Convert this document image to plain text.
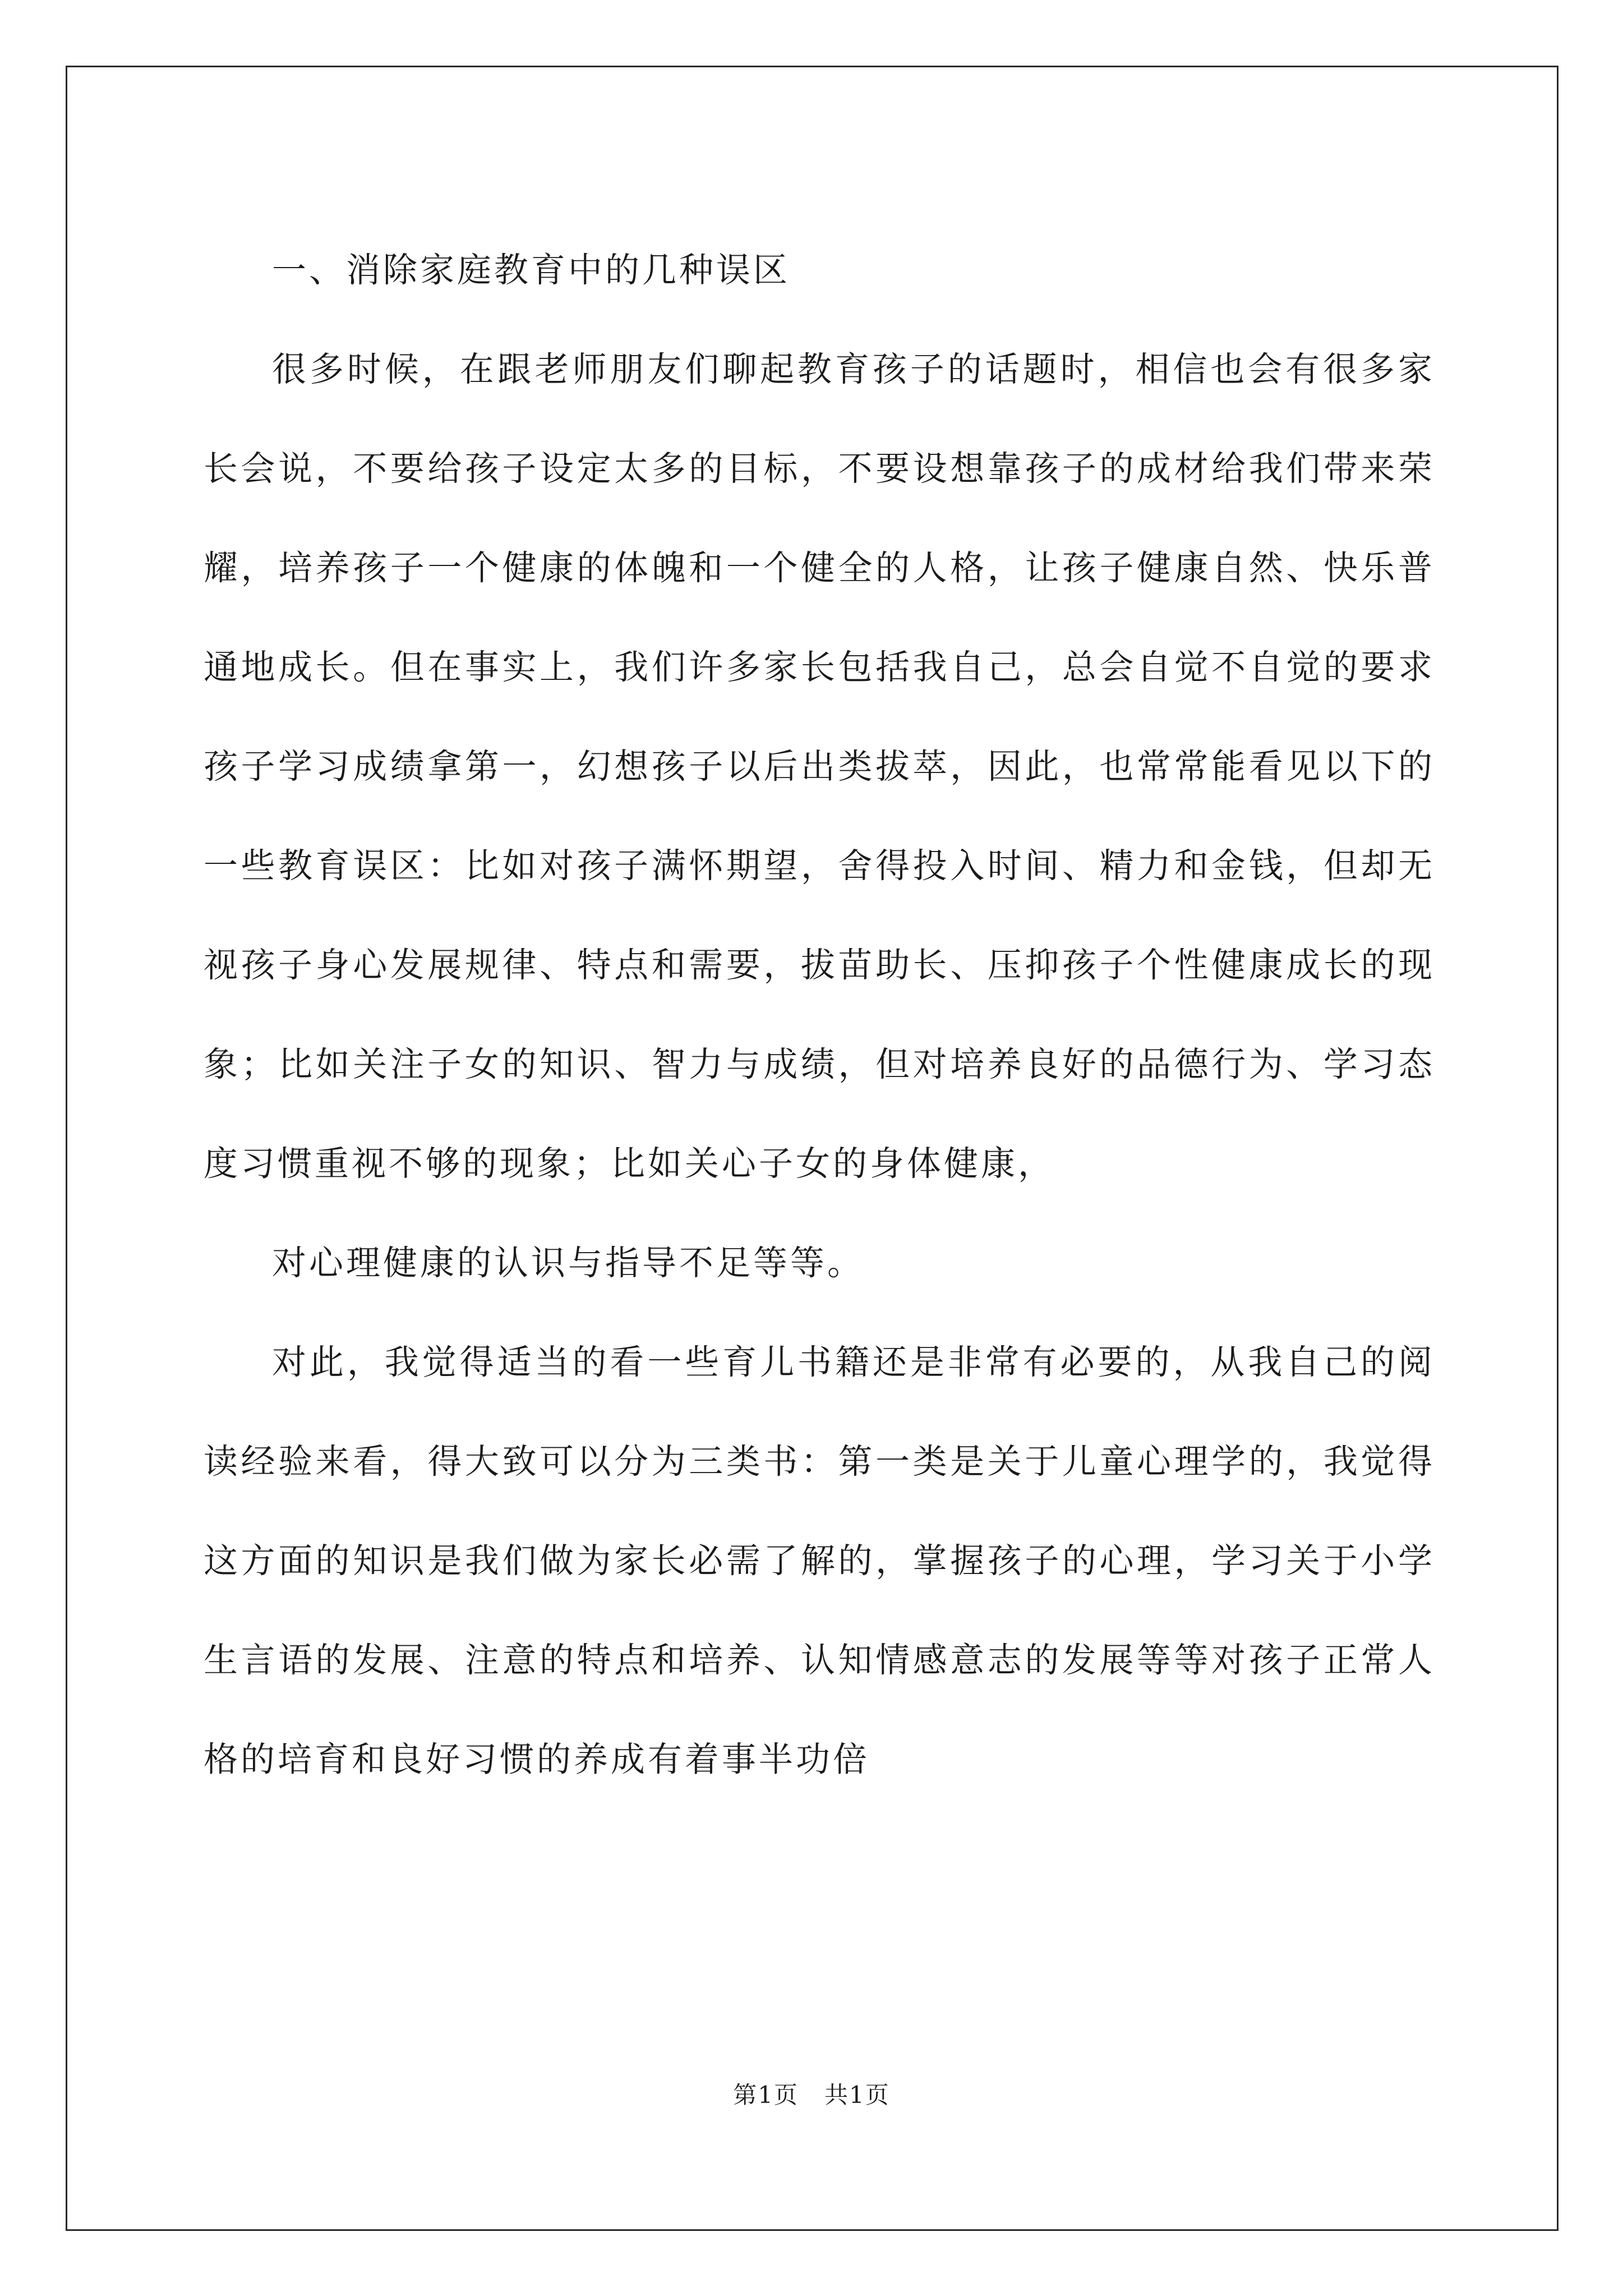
一、消除家庭教育中的几种误区

很多时候，在跟老师朋友们聊起教育孩子的话题时，相信也会有很多家长会说，不要给孩子设定太多的目标，不要设想靠孩子的成材给我们带来荣耀，培养孩子一个健康的体魄和一个健全的人格，让孩子健康自然、快乐普通地成长。但在事实上，我们许多家长包括我自己，总会自觉不自觉的要求孩子学习成绩拿第一，幻想孩子以后出类拔萃，因此，也常常能看见以下的一些教育误区：比如对孩子满怀期望，舍得投入时间、精力和金钱，但却无视孩子身心发展规律、特点和需要，拔苗助长、压抑孩子个性健康成长的现象；比如关注子女的知识、智力与成绩，但对培养良好的品德行为、学习态度习惯重视不够的现象；比如关心子女的身体健康，

对心理健康的认识与指导不足等等。

对此，我觉得适当的看一些育儿书籍还是非常有必要的，从我自己的阅读经验来看，得大致可以分为三类书：第一类是关于儿童心理学的，我觉得这方面的知识是我们做为家长必需了解的，掌握孩子的心理，学习关于小学生言语的发展、注意的特点和培养、认知情感意志的发展等等对孩子正常人格的培育和良好习惯的养成有着事半功倍

第1页 共1页
